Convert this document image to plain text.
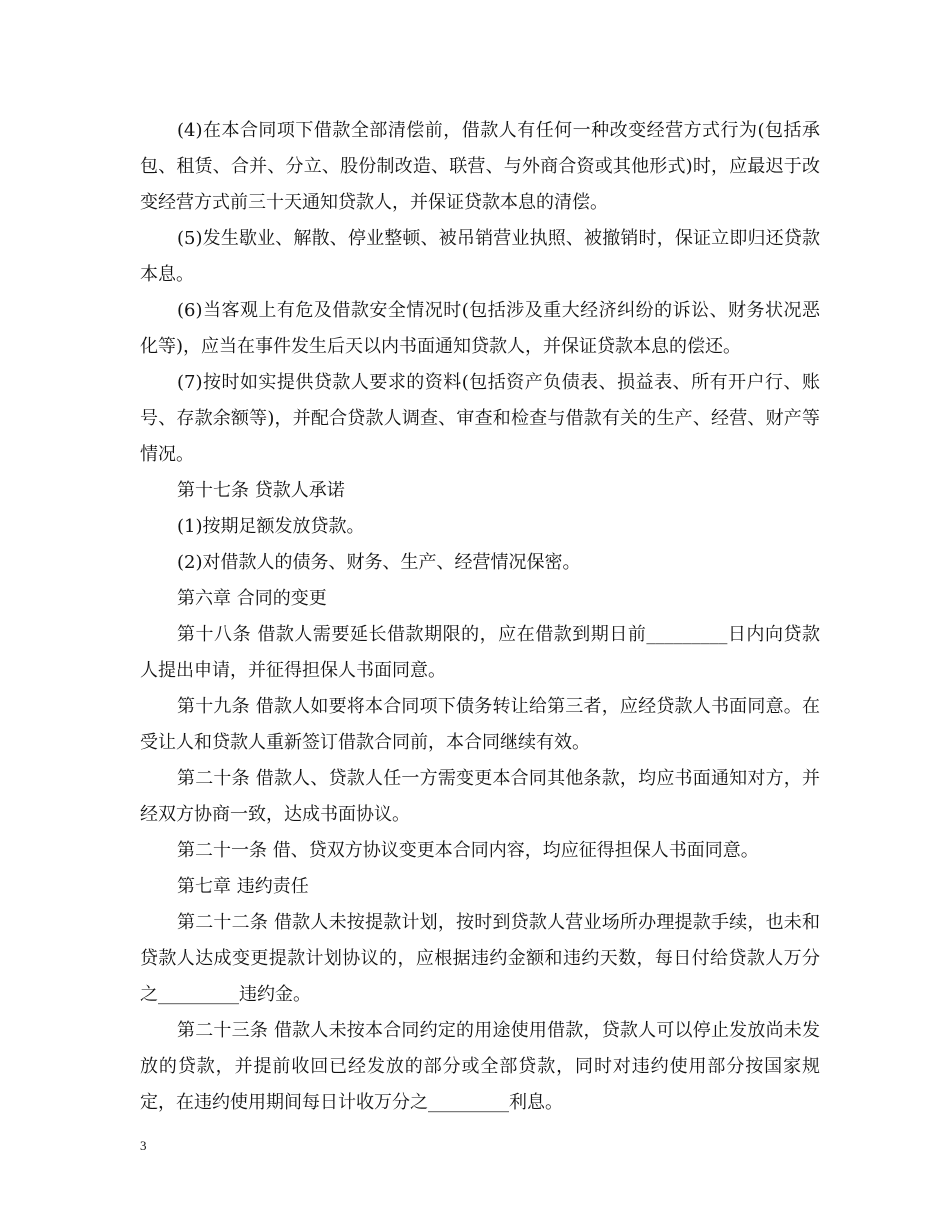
(4)在本合同项下借款全部清偿前，借款人有任何一种改变经营方式行为(包括承包、租赁、合并、分立、股份制改造、联营、与外商合资或其他形式)时，应最迟于改变经营方式前三十天通知贷款人，并保证贷款本息的清偿。

(5)发生歇业、解散、停业整顿、被吊销营业执照、被撤销时，保证立即归还贷款本息。

(6)当客观上有危及借款安全情况时(包括涉及重大经济纠纷的诉讼、财务状况恶化等)，应当在事件发生后天以内书面通知贷款人，并保证贷款本息的偿还。

(7)按时如实提供贷款人要求的资料(包括资产负债表、损益表、所有开户行、账号、存款余额等)，并配合贷款人调查、审查和检查与借款有关的生产、经营、财产等情况。

第十七条 贷款人承诺

(1)按期足额发放贷款。

(2)对借款人的债务、财务、生产、经营情况保密。

第六章 合同的变更

第十八条 借款人需要延长借款期限的，应在借款到期日前_________日内向贷款人提出申请，并征得担保人书面同意。

第十九条 借款人如要将本合同项下债务转让给第三者，应经贷款人书面同意。在受让人和贷款人重新签订借款合同前，本合同继续有效。

第二十条 借款人、贷款人任一方需变更本合同其他条款，均应书面通知对方，并经双方协商一致，达成书面协议。

第二十一条 借、贷双方协议变更本合同内容，均应征得担保人书面同意。

第七章 违约责任

第二十二条 借款人未按提款计划，按时到贷款人营业场所办理提款手续，也未和贷款人达成变更提款计划协议的，应根据违约金额和违约天数，每日付给贷款人万分之_________违约金。

第二十三条 借款人未按本合同约定的用途使用借款，贷款人可以停止发放尚未发放的贷款，并提前收回已经发放的部分或全部贷款，同时对违约使用部分按国家规定，在违约使用期间每日计收万分之_________利息。

3
